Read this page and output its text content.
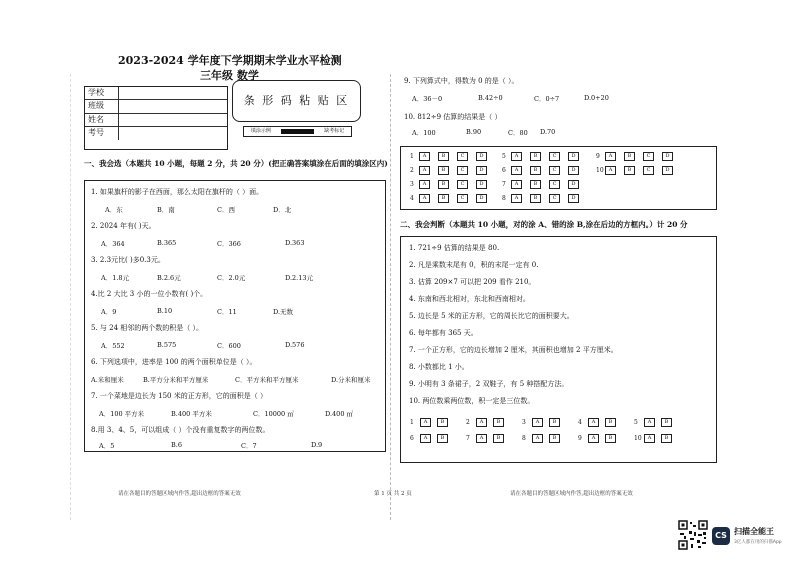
2023-2024 学年度下学期期末学业水平检测
三年级 数学
学校
班级
姓名
考号
条 形 码 粘 贴 区
填涂示例	缺考标记
一、我会选（本题共 10 小题，每题 2 分，共 20 分）(把正确答案填涂在后面的填涂区内)
1. 如果旗杆的影子在西面，那么太阳在旗杆的（ ）面。
A．东	B．南	C．西	D．北
2. 2024 年有( )天。
A．364	B.365	C．366	D.363
3. 2.3元比( )多0.3元。
A．1.8元	B.2.6元	C．2.0元	D.2.13元
4.比 2 大比 3 小的一位小数有( )个。
A．9	B.10	C．11	D.无数
5. 与 24 相邻的两个数的积是（ ）。
A．552	B.575	C．600	D.576
6. 下列选项中，进率是 100 的两个面积单位是（ ）。
A.米和厘米	B.平方分米和平方厘米	C．平方米和平方厘米	D.分米和厘米
7. 一个菜地是边长为 150 米的正方形，它的面积是（ ）
A．100 平方米	B.400 平方米	C．10000 ㎡	D.400 ㎡
8.用 3、4、5，可以组成（ ）个没有重复数字的两位数。
A．5	B.6	C．7	D.9
9. 下列算式中，得数为 0 的是（ ）。
A．36－0	B.42÷0	C．0÷7	D.0+20
10. 812÷9 估算的结果是（ ）
A．100	B.90	C．80 D.70
1	A	B	C	D	5	A	B	C	D	9	A	B	C	D
2	A	B	C	D	6	A	B	C	D	10	A	B	C	D
3	A	B	C	D	7	A	B	C	D
4	A	B	C	D	8	A	B	C	D
二、我会判断（本题共 10 小题，对的涂 A、错的涂 B,涂在后边的方框内。）计 20 分
1. 721÷9 估算的结果是 80.
2. 凡是乘数末尾有 0，积的末尾一定有 0.
3. 估算 209×7 可以把 209 看作 210。
4. 东南和西北相对，东北和西南相对。
5. 边长是 5 米的正方形，它的周长比它的面积要大。
6. 每年都有 365 天。
7. 一个正方形，它的边长增加 2 厘米，其面积也增加 2 平方厘米。
8. 小数都比 1 小。
9. 小明有 3 条裙子，2 双鞋子，有 5 种搭配方法。
10. 两位数乘两位数，积一定是三位数。
1	A	B	2	A	B	3	A	B	4	A	B	5	A	B
6	A	B	7	A	B	8	A	B	9	A	B	10	A	B
请在各题目的答题区域内作答,超出边框的答案无效	第 1 页 共 2 页	请在各题目的答题区域内作答,超出边框的答案无效
CS 扫描全能王
3亿人都在用的扫描App
